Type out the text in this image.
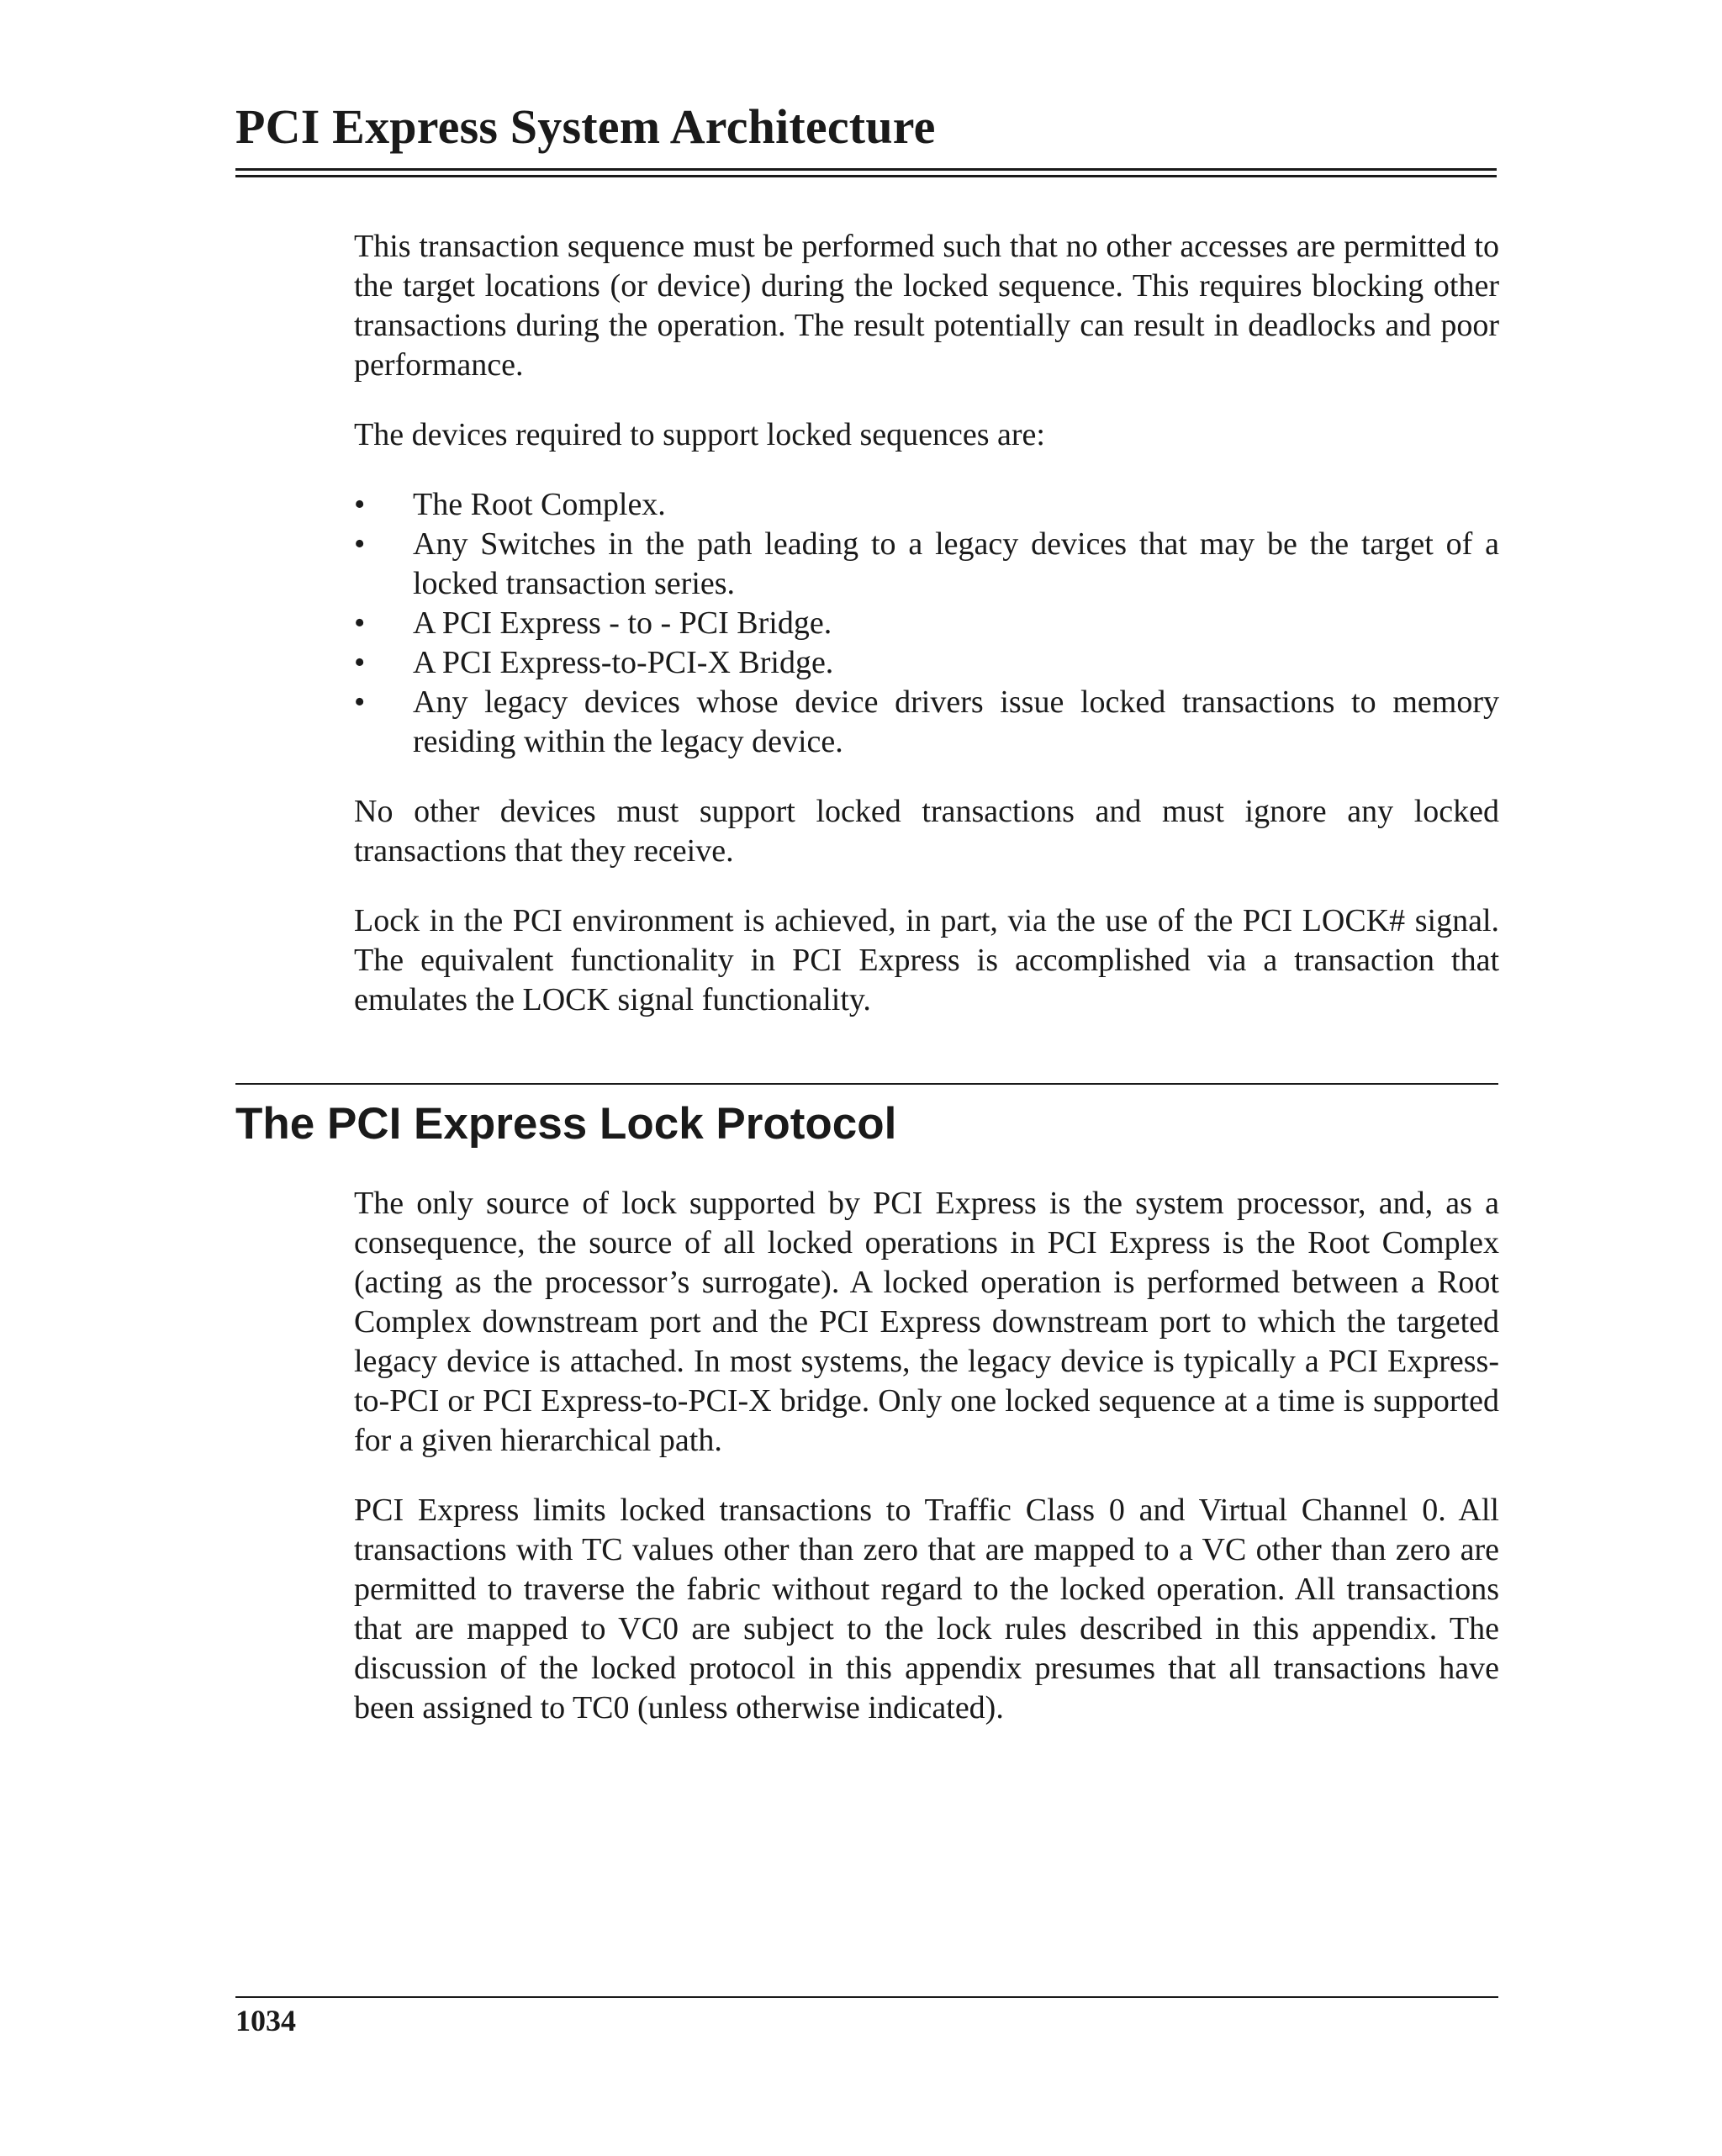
PCI Express System Architecture

This transaction sequence must be performed such that no other accesses are permitted to the target locations (or device) during the locked sequence. This requires blocking other transactions during the operation. The result potentially can result in deadlocks and poor performance.

The devices required to support locked sequences are:

• The Root Complex.
• Any Switches in the path leading to a legacy devices that may be the target of a locked transaction series.
• A PCI Express - to - PCI Bridge.
• A PCI Express-to-PCI-X Bridge.
• Any legacy devices whose device drivers issue locked transactions to memory residing within the legacy device.

No other devices must support locked transactions and must ignore any locked transactions that they receive.

Lock in the PCI environment is achieved, in part, via the use of the PCI LOCK# signal. The equivalent functionality in PCI Express is accomplished via a transaction that emulates the LOCK signal functionality.

The PCI Express Lock Protocol

The only source of lock supported by PCI Express is the system processor, and, as a consequence, the source of all locked operations in PCI Express is the Root Complex (acting as the processor’s surrogate). A locked operation is performed between a Root Complex downstream port and the PCI Express downstream port to which the targeted legacy device is attached. In most systems, the legacy device is typically a PCI Express-to-PCI or PCI Express-to-PCI-X bridge. Only one locked sequence at a time is supported for a given hierarchical path.

PCI Express limits locked transactions to Traffic Class 0 and Virtual Channel 0. All transactions with TC values other than zero that are mapped to a VC other than zero are permitted to traverse the fabric without regard to the locked operation. All transactions that are mapped to VC0 are subject to the lock rules described in this appendix. The discussion of the locked protocol in this appendix presumes that all transactions have been assigned to TC0 (unless otherwise indicated).

1034
